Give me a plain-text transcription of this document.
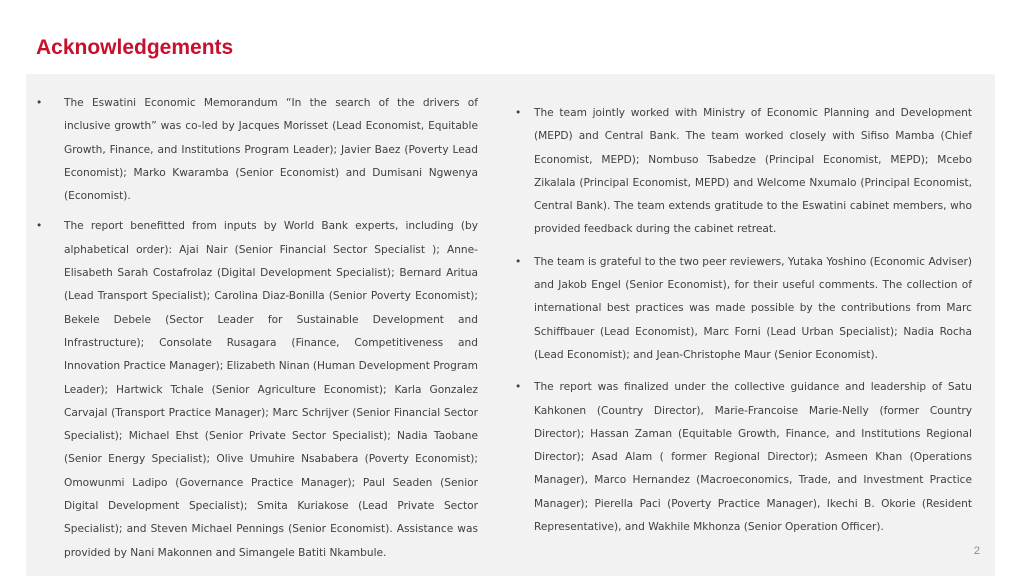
Acknowledgements
• The Eswatini Economic Memorandum “In the search of the drivers of inclusive growth” was co-led by Jacques Morisset (Lead Economist, Equitable Growth, Finance, and Institutions Program Leader); Javier Baez (Poverty Lead Economist); Marko Kwaramba (Senior Economist) and Dumisani Ngwenya (Economist).
• The report benefitted from inputs by World Bank experts, including (by alphabetical order): Ajai Nair (Senior Financial Sector Specialist ); Anne-Elisabeth Sarah Costafrolaz (Digital Development Specialist); Bernard Aritua (Lead Transport Specialist); Carolina Diaz-Bonilla (Senior Poverty Economist); Bekele Debele (Sector Leader for Sustainable Development and Infrastructure); Consolate Rusagara (Finance, Competitiveness and Innovation Practice Manager); Elizabeth Ninan (Human Development Program Leader); Hartwick Tchale (Senior Agriculture Economist); Karla Gonzalez Carvajal (Transport Practice Manager); Marc Schrijver (Senior Financial Sector Specialist); Michael Ehst (Senior Private Sector Specialist); Nadia Taobane (Senior Energy Specialist); Olive Umuhire Nsababera (Poverty Economist); Omowunmi Ladipo (Governance Practice Manager); Paul Seaden (Senior Digital Development Specialist); Smita Kuriakose (Lead Private Sector Specialist); and Steven Michael Pennings (Senior Economist). Assistance was provided by Nani Makonnen and Simangele Batiti Nkambule.
• The team jointly worked with Ministry of Economic Planning and Development (MEPD) and Central Bank. The team worked closely with Sifiso Mamba (Chief Economist, MEPD); Nombuso Tsabedze (Principal Economist, MEPD); Mcebo Zikalala (Principal Economist, MEPD) and Welcome Nxumalo (Principal Economist, Central Bank). The team extends gratitude to the Eswatini cabinet members, who provided feedback during the cabinet retreat.
• The team is grateful to the two peer reviewers, Yutaka Yoshino (Economic Adviser) and Jakob Engel (Senior Economist), for their useful comments. The collection of international best practices was made possible by the contributions from Marc Schiffbauer (Lead Economist), Marc Forni (Lead Urban Specialist); Nadia Rocha (Lead Economist); and Jean-Christophe Maur (Senior Economist).
• The report was finalized under the collective guidance and leadership of Satu Kahkonen (Country Director), Marie-Francoise Marie-Nelly (former Country Director); Hassan Zaman (Equitable Growth, Finance, and Institutions Regional Director); Asad Alam ( former Regional Director); Asmeen Khan (Operations Manager), Marco Hernandez (Macroeconomics, Trade, and Investment Practice Manager); Pierella Paci (Poverty Practice Manager), Ikechi B. Okorie (Resident Representative), and Wakhile Mkhonza (Senior Operation Officer).
2
